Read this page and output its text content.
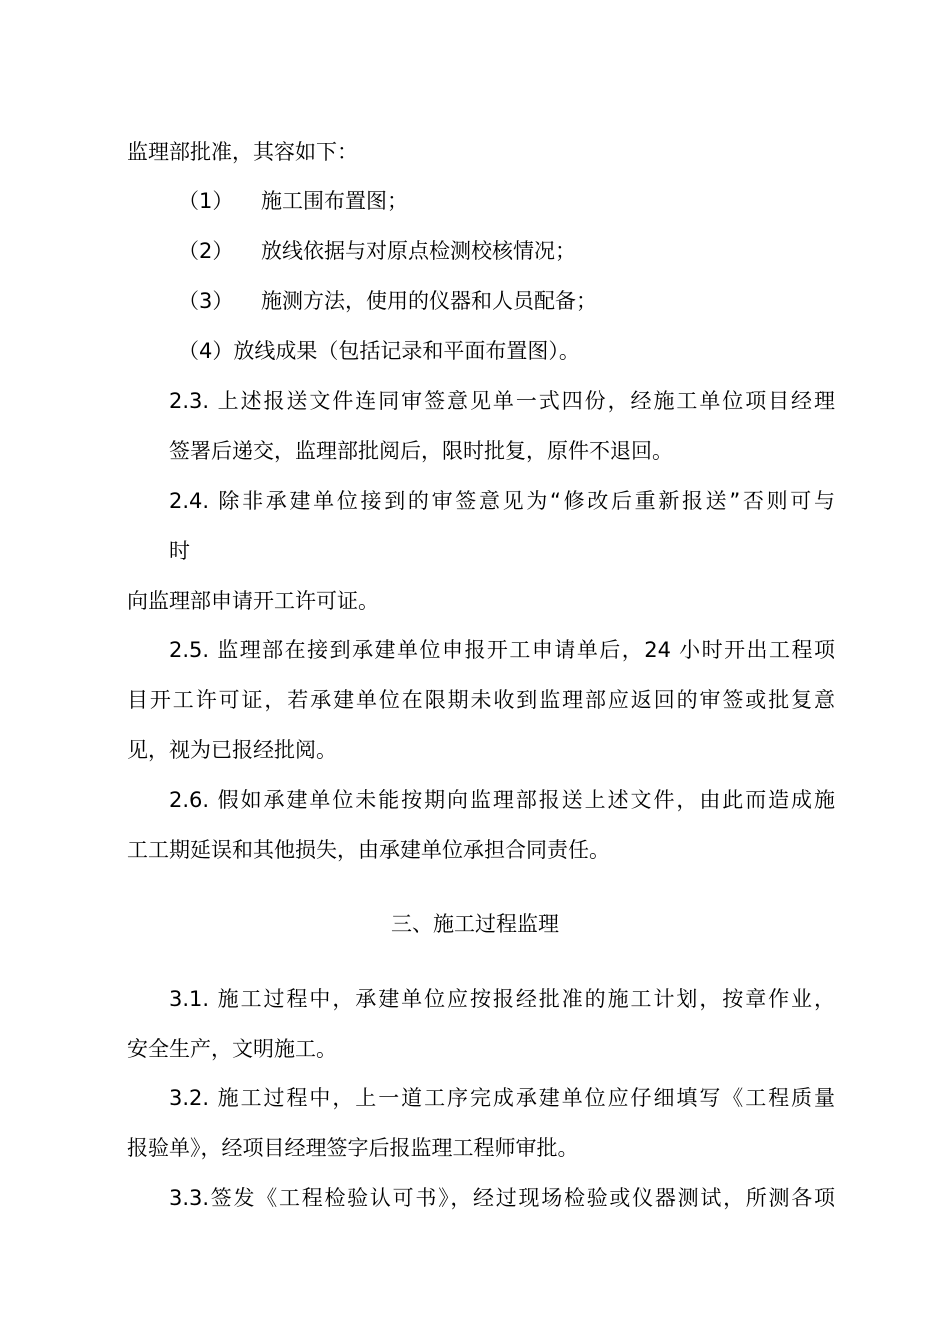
监理部批准，其容如下：

（1） 施工围布置图；

（2） 放线依据与对原点检测校核情况；

（3） 施测方法，使用的仪器和人员配备；

（4）放线成果（包括记录和平面布置图）。

2.3. 上述报送文件连同审签意见单一式四份，经施工单位项目经理

签署后递交，监理部批阅后，限时批复，原件不退回。

2.4. 除非承建单位接到的审签意见为“修改后重新报送”否则可与

时

向监理部申请开工许可证。

2.5. 监理部在接到承建单位申报开工申请单后，24 小时开出工程项

目开工许可证，若承建单位在限期未收到监理部应返回的审签或批复意

见，视为已报经批阅。

2.6. 假如承建单位未能按期向监理部报送上述文件，由此而造成施

工工期延误和其他损失，由承建单位承担合同责任。

三、施工过程监理

3.1. 施工过程中，承建单位应按报经批准的施工计划，按章作业，

安全生产，文明施工。

3.2. 施工过程中，上一道工序完成承建单位应仔细填写《工程质量

报验单》，经项目经理签字后报监理工程师审批。

3.3.签发《工程检验认可书》，经过现场检验或仪器测试，所测各项
